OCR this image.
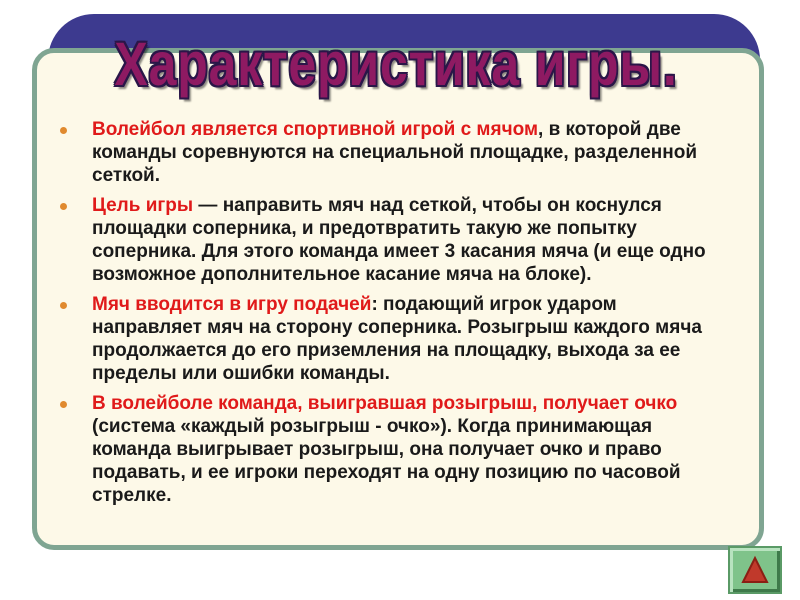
Характеристика игры.
Волейбол является спортивной игрой с мячом, в которой две команды соревнуются на специальной площадке, разделенной сеткой.
Цель игры — направить мяч над сеткой, чтобы он коснулся площадки соперника, и предотвратить такую же попытку соперника. Для этого команда имеет 3 касания мяча (и еще одно возможное дополнительное касание мяча на блоке).
Мяч вводится в игру подачей: подающий игрок ударом направляет мяч на сторону соперника. Розыгрыш каждого мяча продолжается до его приземления на площадку, выхода за ее пределы или ошибки команды.
В волейболе команда, выигравшая розыгрыш, получает очко (система «каждый розыгрыш - очко»). Когда принимающая команда выигрывает розыгрыш, она получает очко и право подавать, и ее игроки переходят на одну позицию по часовой стрелке.
